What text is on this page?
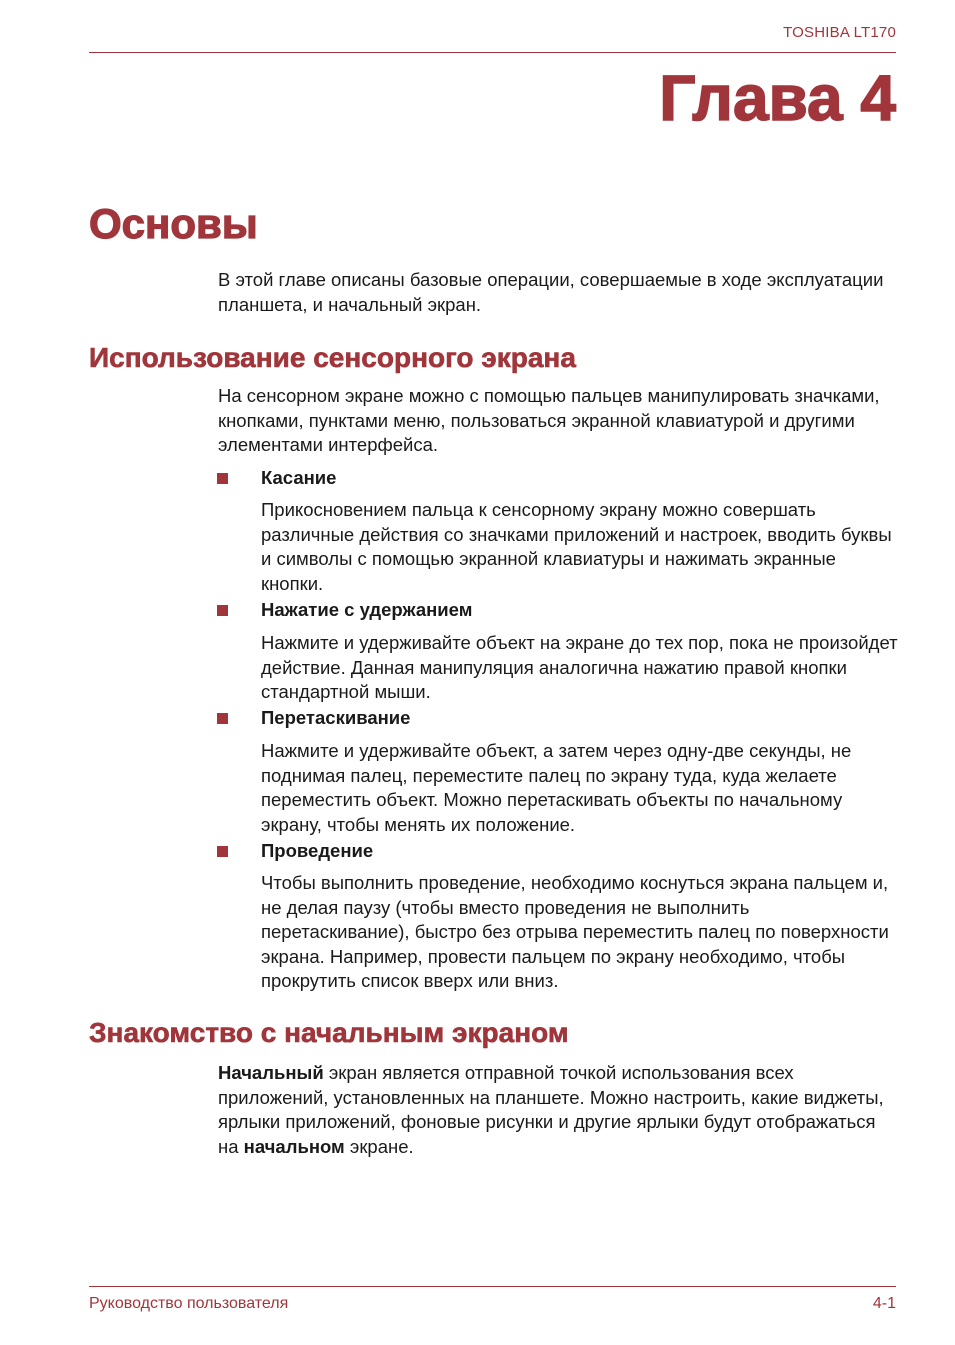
TOSHIBA LT170
Глава 4
Основы

В этой главе описаны базовые операции, совершаемые в ходе эксплуатации планшета, и начальный экран.

Использование сенсорного экрана

На сенсорном экране можно с помощью пальцев манипулировать значками, кнопками, пунктами меню, пользоваться экранной клавиатурой и другими элементами интерфейса.

Касание

Прикосновением пальца к сенсорному экрану можно совершать различные действия со значками приложений и настроек, вводить буквы и символы с помощью экранной клавиатуры и нажимать экранные кнопки.

Нажатие с удержанием

Нажмите и удерживайте объект на экране до тех пор, пока не произойдет действие. Данная манипуляция аналогична нажатию правой кнопки стандартной мыши.

Перетаскивание

Нажмите и удерживайте объект, а затем через одну-две секунды, не поднимая палец, переместите палец по экрану туда, куда желаете переместить объект. Можно перетаскивать объекты по начальному экрану, чтобы менять их положение.

Проведение

Чтобы выполнить проведение, необходимо коснуться экрана пальцем и, не делая паузу (чтобы вместо проведения не выполнить перетаскивание), быстро без отрыва переместить палец по поверхности экрана. Например, провести пальцем по экрану необходимо, чтобы прокрутить список вверх или вниз.

Знакомство с начальным экраном

Начальный экран является отправной точкой использования всех приложений, установленных на планшете. Можно настроить, какие виджеты, ярлыки приложений, фоновые рисунки и другие ярлыки будут отображаться на начальном экране.

Руководство пользователя	4-1
